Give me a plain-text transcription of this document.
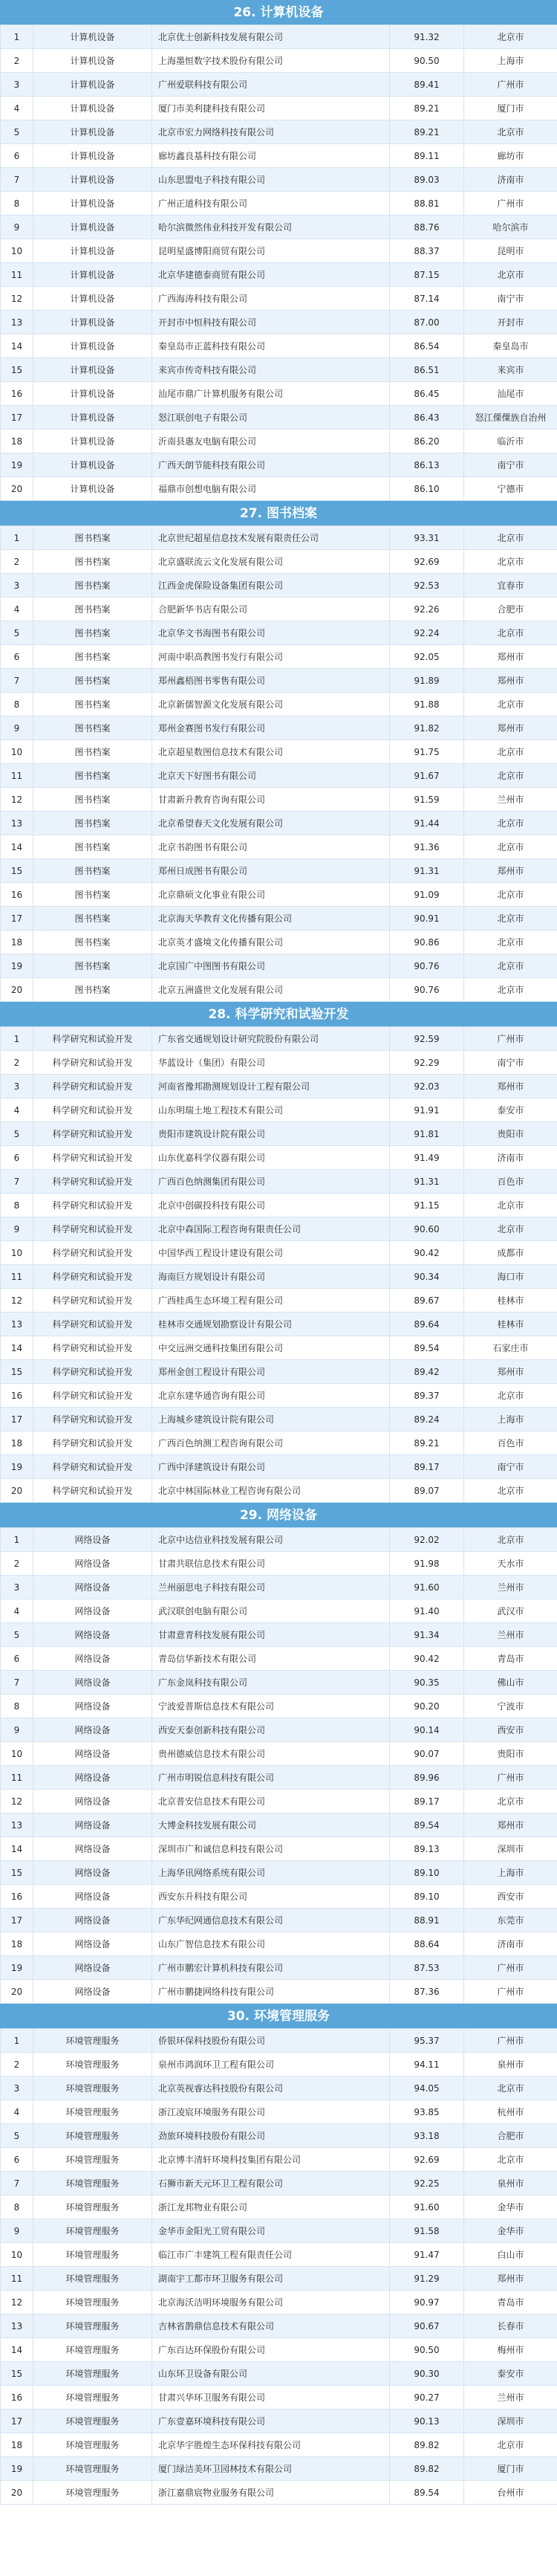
26. 计算机设备
1	计算机设备	北京优士创新科技发展有限公司	91.32	北京市
2	计算机设备	上海墨恒数字技术股份有限公司	90.50	上海市
3	计算机设备	广州爱联科技有限公司	89.41	广州市
4	计算机设备	厦门市美利捷科技有限公司	89.21	厦门市
5	计算机设备	北京市宏力网络科技有限公司	89.21	北京市
6	计算机设备	廊坊鑫良基科技有限公司	89.11	廊坊市
7	计算机设备	山东思盟电子科技有限公司	89.03	济南市
8	计算机设备	广州正道科技有限公司	88.81	广州市
9	计算机设备	哈尔滨微然伟业科技开发有限公司	88.76	哈尔滨市
10	计算机设备	昆明星盛博阳商贸有限公司	88.37	昆明市
11	计算机设备	北京华建德泰商贸有限公司	87.15	北京市
12	计算机设备	广西海涛科技有限公司	87.14	南宁市
13	计算机设备	开封市中恒科技有限公司	87.00	开封市
14	计算机设备	秦皇岛市正蓝科技有限公司	86.54	秦皇岛市
15	计算机设备	来宾市传奇科技有限公司	86.51	来宾市
16	计算机设备	汕尾市鼎广计算机服务有限公司	86.45	汕尾市
17	计算机设备	怒江联创电子有限公司	86.43	怒江傈僳族自治州
18	计算机设备	沂南县惠友电脑有限公司	86.20	临沂市
19	计算机设备	广西天朗节能科技有限公司	86.13	南宁市
20	计算机设备	福鼎市创想电脑有限公司	86.10	宁德市
27. 图书档案
1	图书档案	北京世纪超星信息技术发展有限责任公司	93.31	北京市
2	图书档案	北京盛联流云文化发展有限公司	92.69	北京市
3	图书档案	江西金虎保险设备集团有限公司	92.53	宜春市
4	图书档案	合肥新华书店有限公司	92.26	合肥市
5	图书档案	北京华文书海图书有限公司	92.24	北京市
6	图书档案	河南中职高教图书发行有限公司	92.05	郑州市
7	图书档案	郑州鑫梧图书零售有限公司	91.89	郑州市
8	图书档案	北京新儒智源文化发展有限公司	91.88	北京市
9	图书档案	郑州金赛图书发行有限公司	91.82	郑州市
10	图书档案	北京超星数图信息技术有限公司	91.75	北京市
11	图书档案	北京天下好图书有限公司	91.67	北京市
12	图书档案	甘肃新升教育咨询有限公司	91.59	兰州市
13	图书档案	北京希望春天文化发展有限公司	91.44	北京市
14	图书档案	北京书韵图书有限公司	91.36	北京市
15	图书档案	郑州日成图书有限公司	91.31	郑州市
16	图书档案	北京鼎硕文化事业有限公司	91.09	北京市
17	图书档案	北京海天华教育文化传播有限公司	90.91	北京市
18	图书档案	北京英才盛境文化传播有限公司	90.86	北京市
19	图书档案	北京国广中图图书有限公司	90.76	北京市
20	图书档案	北京五洲盛世文化发展有限公司	90.76	北京市
28. 科学研究和试验开发
1	科学研究和试验开发	广东省交通规划设计研究院股份有限公司	92.59	广州市
2	科学研究和试验开发	华蓝设计（集团）有限公司	92.29	南宁市
3	科学研究和试验开发	河南省豫邦勘测规划设计工程有限公司	92.03	郑州市
4	科学研究和试验开发	山东明瑞土地工程技术有限公司	91.91	泰安市
5	科学研究和试验开发	贵阳市建筑设计院有限公司	91.81	贵阳市
6	科学研究和试验开发	山东优嘉科学仪器有限公司	91.49	济南市
7	科学研究和试验开发	广西百色纳测集团有限公司	91.31	百色市
8	科学研究和试验开发	北京中创碳投科技有限公司	91.15	北京市
9	科学研究和试验开发	北京中森国际工程咨询有限责任公司	90.60	北京市
10	科学研究和试验开发	中国华西工程设计建设有限公司	90.42	成都市
11	科学研究和试验开发	海南巨方规划设计有限公司	90.34	海口市
12	科学研究和试验开发	广西桂禹生态环境工程有限公司	89.67	桂林市
13	科学研究和试验开发	桂林市交通规划勘察设计有限公司	89.64	桂林市
14	科学研究和试验开发	中交远洲交通科技集团有限公司	89.54	石家庄市
15	科学研究和试验开发	郑州金创工程设计有限公司	89.42	郑州市
16	科学研究和试验开发	北京东建华通咨询有限公司	89.37	北京市
17	科学研究和试验开发	上海城乡建筑设计院有限公司	89.24	上海市
18	科学研究和试验开发	广西百色纳测工程咨询有限公司	89.21	百色市
19	科学研究和试验开发	广西中泽建筑设计有限公司	89.17	南宁市
20	科学研究和试验开发	北京中林国际林业工程咨询有限公司	89.07	北京市
29. 网络设备
1	网络设备	北京中达信业科技发展有限公司	92.02	北京市
2	网络设备	甘肃共联信息技术有限公司	91.98	天水市
3	网络设备	兰州丽思电子科技有限公司	91.60	兰州市
4	网络设备	武汉联创电脑有限公司	91.40	武汉市
5	网络设备	甘肃意青科技发展有限公司	91.34	兰州市
6	网络设备	青岛信华新技术有限公司	90.42	青岛市
7	网络设备	广东金岚科技有限公司	90.35	佛山市
8	网络设备	宁波爱普斯信息技术有限公司	90.20	宁波市
9	网络设备	西安天泰创新科技有限公司	90.14	西安市
10	网络设备	贵州德威信息技术有限公司	90.07	贵阳市
11	网络设备	广州市明锐信息科技有限公司	89.96	广州市
12	网络设备	北京普安信息技术有限公司	89.17	北京市
13	网络设备	大博金科技发展有限公司	89.54	郑州市
14	网络设备	深圳市广和诚信息科技有限公司	89.13	深圳市
15	网络设备	上海华讯网络系统有限公司	89.10	上海市
16	网络设备	西安东升科技有限公司	89.10	西安市
17	网络设备	广东华纪网通信息技术有限公司	88.91	东莞市
18	网络设备	山东广智信息技术有限公司	88.64	济南市
19	网络设备	广州市鹏宏计算机科技有限公司	87.53	广州市
20	网络设备	广州市鹏捷网络科技有限公司	87.36	广州市
30. 环境管理服务
1	环境管理服务	侨银环保科技股份有限公司	95.37	广州市
2	环境管理服务	泉州市鸿润环卫工程有限公司	94.11	泉州市
3	环境管理服务	北京英视睿达科技股份有限公司	94.05	北京市
4	环境管理服务	浙江凌宸环境服务有限公司	93.85	杭州市
5	环境管理服务	劲旅环境科技股份有限公司	93.18	合肥市
6	环境管理服务	北京博丰清轩环境科技集团有限公司	92.69	北京市
7	环境管理服务	石狮市新天元环卫工程有限公司	92.25	泉州市
8	环境管理服务	浙江龙邦物业有限公司	91.60	金华市
9	环境管理服务	金华市金阳光工贸有限公司	91.58	金华市
10	环境管理服务	临江市广丰建筑工程有限责任公司	91.47	白山市
11	环境管理服务	湖南宇工都市环卫服务有限公司	91.29	郑州市
12	环境管理服务	北京海沃洁明环境服务有限公司	90.97	青岛市
13	环境管理服务	吉林省鹊鼎信息技术有限公司	90.67	长春市
14	环境管理服务	广东百达环保股份有限公司	90.50	梅州市
15	环境管理服务	山东环卫设备有限公司	90.30	泰安市
16	环境管理服务	甘肃兴华环卫服务有限公司	90.27	兰州市
17	环境管理服务	广东壹嘉环境科技有限公司	90.13	深圳市
18	环境管理服务	北京华宇胜煌生态环保科技有限公司	89.82	北京市
19	环境管理服务	厦门绿洁美环卫园林技术有限公司	89.82	厦门市
20	环境管理服务	浙江嘉鼎宸物业服务有限公司	89.54	台州市
